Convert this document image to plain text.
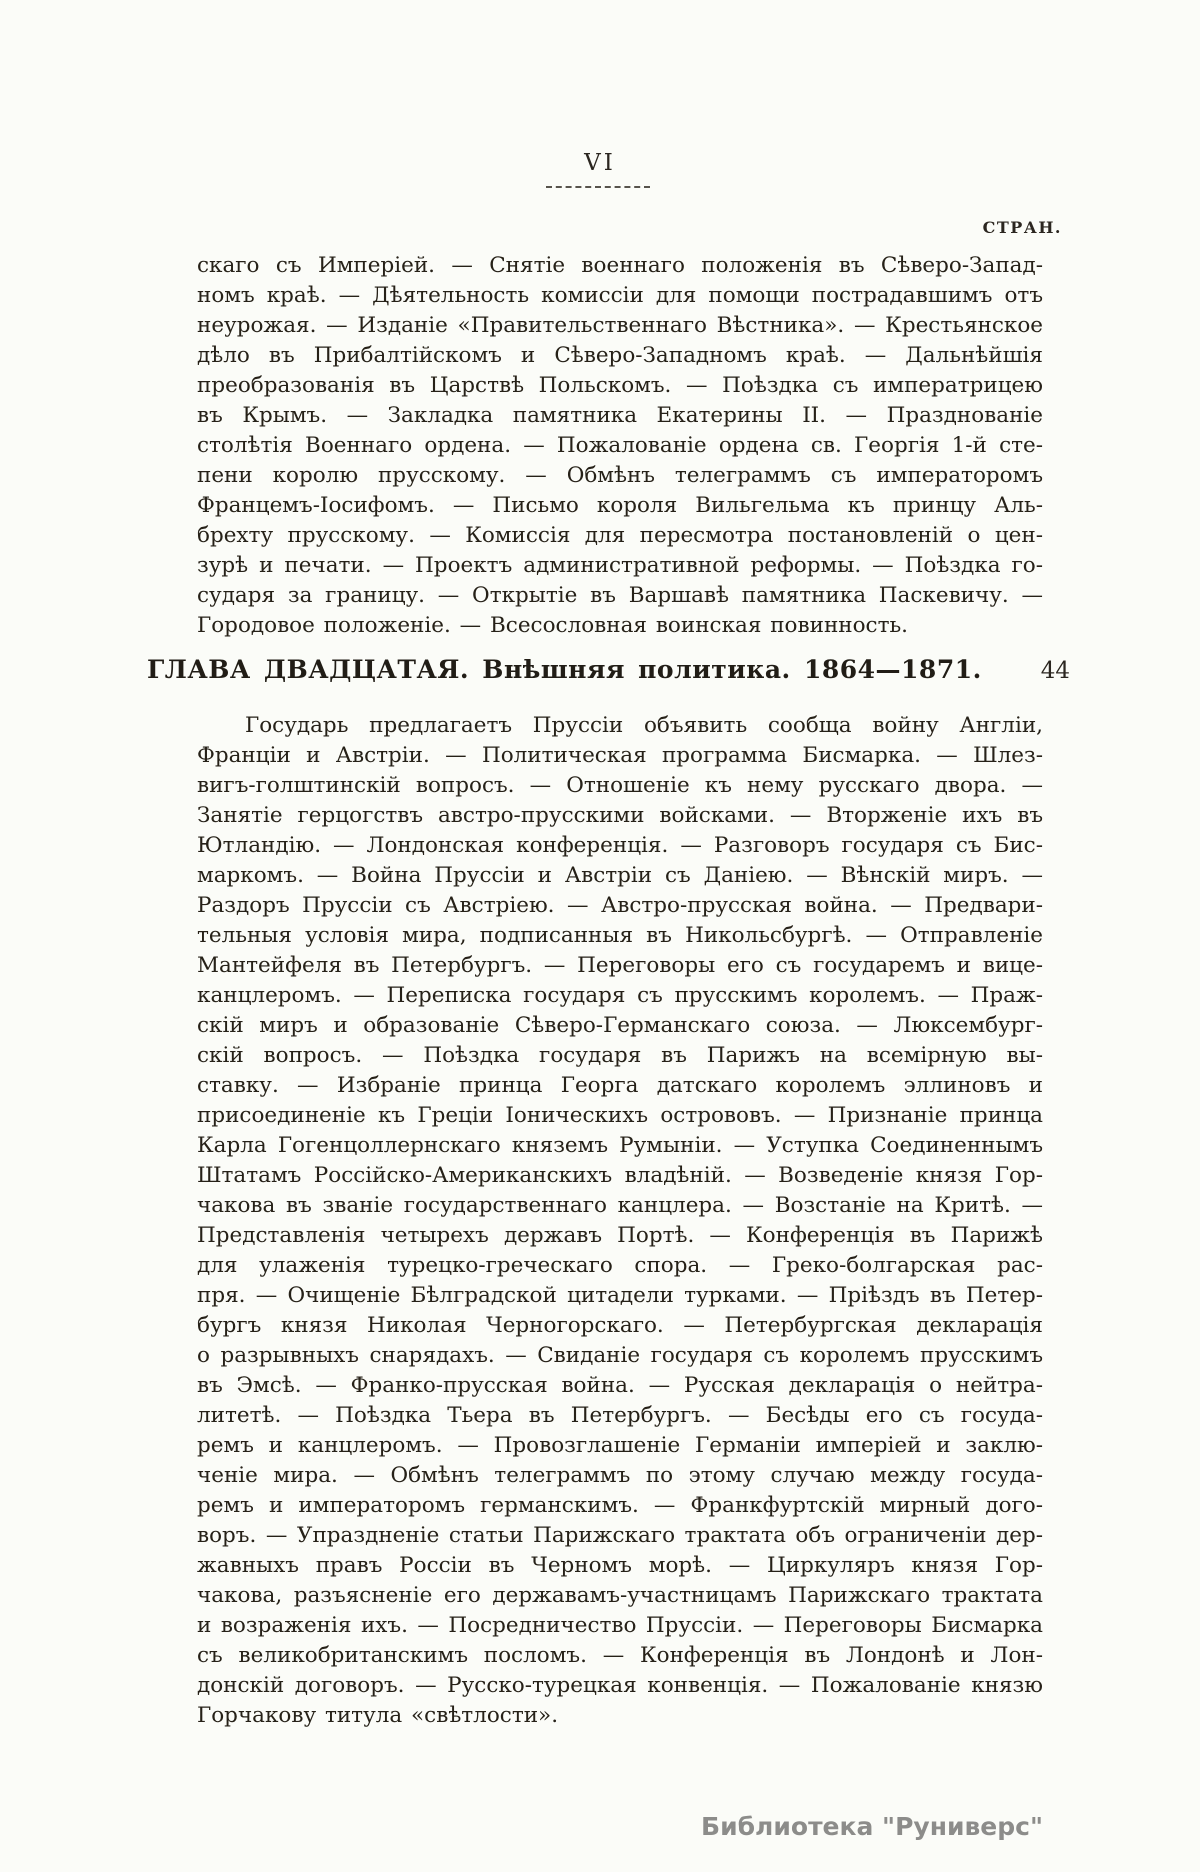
VI
СТРАН.
скаго съ Имперіей. — Снятіе военнаго положенія въ Сѣверо-Запад-
номъ краѣ. — Дѣятельность комиссіи для помощи пострадавшимъ отъ
неурожая. — Изданіе «Правительственнаго Вѣстника». — Крестьянское
дѣло въ Прибалтійскомъ и Сѣверо-Западномъ краѣ. — Дальнѣйшія
преобразованія въ Царствѣ Польскомъ. — Поѣздка съ императрицею
въ Крымъ. — Закладка памятника Екатерины II. — Празднованіе
столѣтія Военнаго ордена. — Пожалованіе ордена св. Георгія 1-й сте-
пени королю прусскому. — Обмѣнъ телеграммъ съ императоромъ
Францемъ-Іосифомъ. — Письмо короля Вильгельма къ принцу Аль-
брехту прусскому. — Комиссія для пересмотра постановленій о цен-
зурѣ и печати. — Проектъ административной реформы. — Поѣздка го-
сударя за границу. — Открытіе въ Варшавѣ памятника Паскевичу. —
Городовое положеніе. — Всесословная воинская повинность.
ГЛАВА ДВАДЦАТАЯ. Внѣшняя политика. 1864—1871.	44
Государь предлагаетъ Пруссіи объявить сообща войну Англіи,
Франціи и Австріи. — Политическая программа Бисмарка. — Шлез-
вигъ-голштинскій вопросъ. — Отношеніе къ нему русскаго двора. —
Занятіе герцогствъ австро-прусскими войсками. — Вторженіе ихъ въ
Ютландію. — Лондонская конференція. — Разговоръ государя съ Бис-
маркомъ. — Война Пруссіи и Австріи съ Даніею. — Вѣнскій миръ. —
Раздоръ Пруссіи съ Австріею. — Австро-прусская война. — Предвари-
тельныя условія мира, подписанныя въ Никольсбургѣ. — Отправленіе
Мантейфеля въ Петербургъ. — Переговоры его съ государемъ и вице-
канцлеромъ. — Переписка государя съ прусскимъ королемъ. — Праж-
скій миръ и образованіе Сѣверо-Германскаго союза. — Люксембург-
скій вопросъ. — Поѣздка государя въ Парижъ на всемірную вы-
ставку. — Избраніе принца Георга датскаго королемъ эллиновъ и
присоединеніе къ Греціи Іоническихъ острововъ. — Признаніе принца
Карла Гогенцоллернскаго княземъ Румыніи. — Уступка Соединеннымъ
Штатамъ Россійско-Американскихъ владѣній. — Возведеніе князя Гор-
чакова въ званіе государственнаго канцлера. — Возстаніе на Критѣ. —
Представленія четырехъ державъ Портѣ. — Конференція въ Парижѣ
для улаженія турецко-греческаго спора. — Греко-болгарская рас-
пря. — Очищеніе Бѣлградской цитадели турками. — Пріѣздъ въ Петер-
бургъ князя Николая Черногорскаго. — Петербургская декларація
о разрывныхъ снарядахъ. — Свиданіе государя съ королемъ прусскимъ
въ Эмсѣ. — Франко-прусская война. — Русская декларація о нейтра-
литетѣ. — Поѣздка Тьера въ Петербургъ. — Бесѣды его съ госуда-
ремъ и канцлеромъ. — Провозглашеніе Германіи имперіей и заклю-
ченіе мира. — Обмѣнъ телеграммъ по этому случаю между госуда-
ремъ и императоромъ германскимъ. — Франкфуртскій мирный дого-
воръ. — Упраздненіе статьи Парижскаго трактата объ ограниченіи дер-
жавныхъ правъ Россіи въ Черномъ морѣ. — Циркуляръ князя Гор-
чакова, разъясненіе его державамъ-участницамъ Парижскаго трактата
и возраженія ихъ. — Посредничество Пруссіи. — Переговоры Бисмарка
съ великобританскимъ посломъ. — Конференція въ Лондонѣ и Лон-
донскій договоръ. — Русско-турецкая конвенція. — Пожалованіе князю
Горчакову титула «свѣтлости».
Библиотека "Руниверс"
